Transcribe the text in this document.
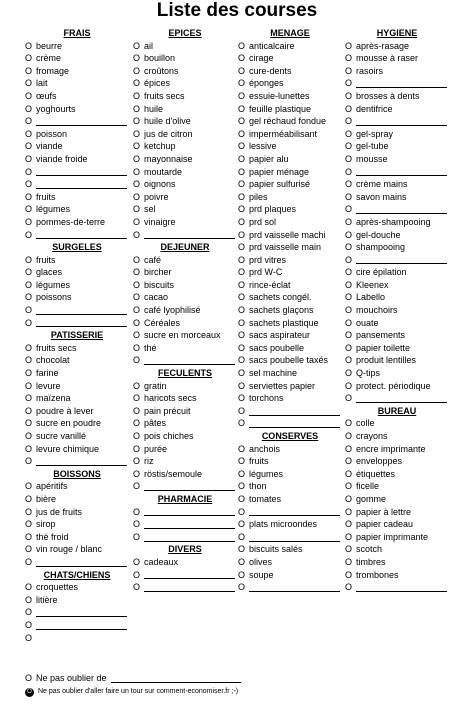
Liste des courses
FRAIS
O beurre
O crème
O fromage
O lait
O œufs
O yoghourts
O
O poisson
O viande
O viande froide
O
O
O fruits
O légumes
O pommes-de-terre
O
SURGELES
O fruits
O glaces
O légumes
O poissons
O
O
PATISSERIE
O fruits secs
O chocolat
O farine
O levure
O maïzena
O poudre à lever
O sucre en poudre
O sucre vanillé
O levure chimique
O
BOISSONS
O apéritifs
O bière
O jus de fruits
O sirop
O thé froid
O vin rouge / blanc
O
CHATS/CHIENS
O croquettes
O litière
O
O
O
EPICES
O ail
O bouillon
O croûtons
O épices
O fruits secs
O huile
O huile d'olive
O jus de citron
O ketchup
O mayonnaise
O moutarde
O oignons
O poivre
O sel
O vinaigre
O
DEJEUNER
O café
O bircher
O biscuits
O cacao
O café lyophilisé
O Céréales
O sucre en morceaux
O thé
O
FECULENTS
O gratin
O haricots secs
O pain précuit
O pâtes
O pois chiches
O purée
O riz
O röstis/semoule
O
PHARMACIE
O
O
O
DIVERS
O cadeaux
O
O
MENAGE
O anticalcaire
O cirage
O cure-dents
O éponges
O essuie-lunettes
O feuille plastique
O gel réchaud fondue
O imperméabilisant
O lessive
O papier alu
O papier ménage
O papier sulfurisé
O piles
O prd plaques
O prd sol
O prd vaisselle machi
O prd vaisselle main
O prd vitres
O prd W-C
O rince-éclat
O sachets congél.
O sachets glaçons
O sachets plastique
O sacs aspirateur
O sacs poubelle
O sacs poubelle taxés
O sel machine
O serviettes papier
O torchons
O
O
CONSERVES
O anchois
O fruits
O légumes
O thon
O tomates
O
O plats microondes
O
O biscuits salés
O olives
O soupe
O
HYGIENE
O après-rasage
O mousse à raser
O rasoirs
O
O brosses à dents
O dentifrice
O
O gel-spray
O gel-tube
O mousse
O
O crème mains
O savon mains
O
O après-shampooing
O gel-douche
O shampooing
O
O cire épilation
O Kleenex
O Labello
O mouchoirs
O ouate
O pansements
O papier toilette
O produit lentilles
O Q-tips
O protect. périodique
O
BUREAU
O colle
O crayons
O encre imprimante
O enveloppes
O étiquettes
O ficelle
O gomme
O papier à lettre
O papier cadeau
O papier imprimante
O scotch
O timbres
O trombones
O
O Ne pas oublier de
O Ne pas oublier d'aller faire un tour sur comment-economiser.fr ;-)
